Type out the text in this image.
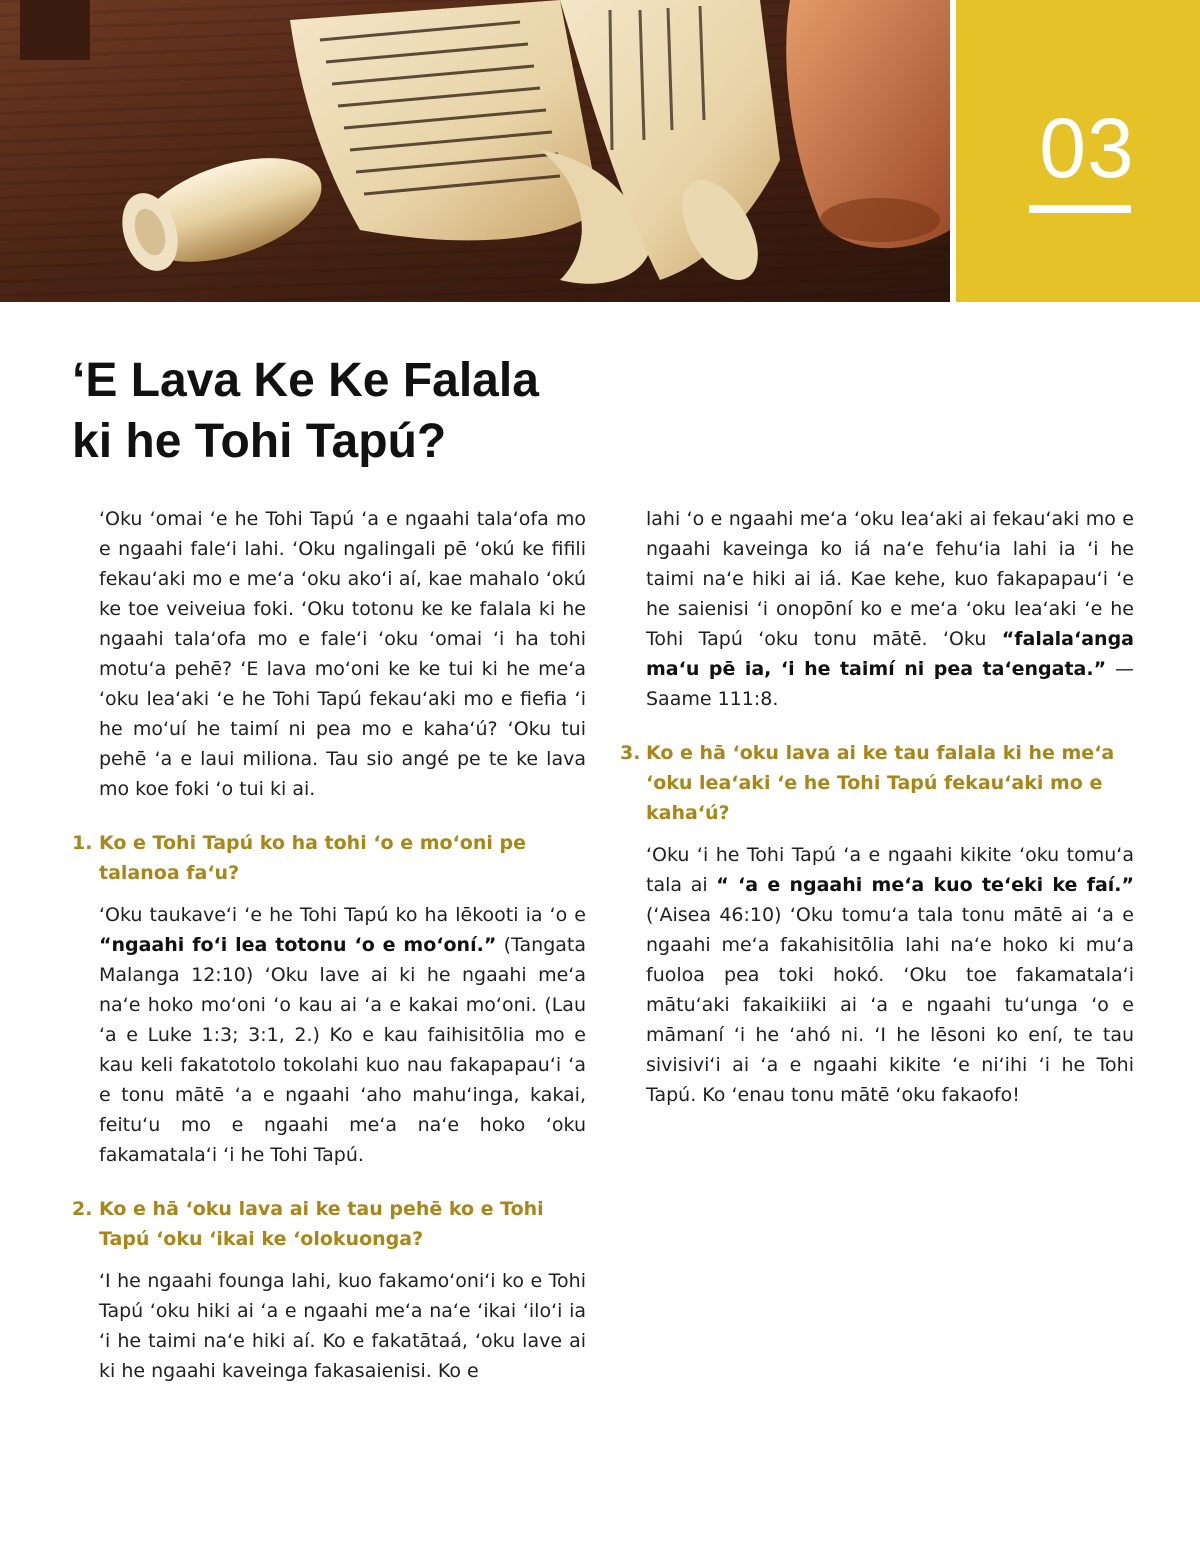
03
‘E Lava Ke Ke Falala
ki he Tohi Tapú?

‘Oku ‘omai ‘e he Tohi Tapú ‘a e ngaahi tala‘ofa mo e ngaahi fale‘i lahi. ‘Oku ngalingali pē ‘okú ke fifili fekau‘aki mo e me‘a ‘oku ako‘i aí, kae mahalo ‘okú ke toe veiveiua foki. ‘Oku totonu ke ke falala ki he ngaahi tala‘ofa mo e fale‘i ‘oku ‘omai ‘i ha tohi motu‘a pehē? ‘E lava mo‘oni ke ke tui ki he me‘a ‘oku lea‘aki ‘e he Tohi Tapú fekau‘aki mo e fiefia ‘i he mo‘uí he taimí ni pea mo e kaha‘ú? ‘Oku tui pehē ‘a e laui miliona. Tau sio angé pe te ke lava mo koe foki ‘o tui ki ai.

1. Ko e Tohi Tapú ko ha tohi ‘o e mo‘oni pe talanoa fa‘u?

‘Oku taukave‘i ‘e he Tohi Tapú ko ha lēkooti ia ‘o e “ngaahi fo‘i lea totonu ‘o e mo‘oní.” (Tangata Malanga 12:10) ‘Oku lave ai ki he ngaahi me‘a na‘e hoko mo‘oni ‘o kau ai ‘a e kakai mo‘oni. (Lau ‘a e Luke 1:3; 3:1, 2.) Ko e kau faihisitōlia mo e kau keli fakatotolo tokolahi kuo nau fakapapau‘i ‘a e tonu mātē ‘a e ngaahi ‘aho mahu‘inga, kakai, feitu‘u mo e ngaahi me‘a na‘e hoko ‘oku fakamatala‘i ‘i he Tohi Tapú.

2. Ko e hā ‘oku lava ai ke tau pehē ko e Tohi Tapú ‘oku ‘ikai ke ‘olokuonga?

‘I he ngaahi founga lahi, kuo fakamo‘oni‘i ko e Tohi Tapú ‘oku hiki ai ‘a e ngaahi me‘a na‘e ‘ikai ‘ilo‘i ia ‘i he taimi na‘e hiki aí. Ko e fakatātaá, ‘oku lave ai ki he ngaahi kaveinga fakasaienisi. Ko e

lahi ‘o e ngaahi me‘a ‘oku lea‘aki ai fekau‘aki mo e ngaahi kaveinga ko iá na‘e fehu‘ia lahi ia ‘i he taimi na‘e hiki ai iá. Kae kehe, kuo fakapapau‘i ‘e he saienisi ‘i onopōní ko e me‘a ‘oku lea‘aki ‘e he Tohi Tapú ‘oku tonu mātē. ‘Oku “falala‘anga ma‘u pē ia, ‘i he taimí ni pea ta‘engata.” —Saame 111:8.

3. Ko e hā ‘oku lava ai ke tau falala ki he me‘a ‘oku lea‘aki ‘e he Tohi Tapú fekau‘aki mo e kaha‘ú?

‘Oku ‘i he Tohi Tapú ‘a e ngaahi kikite ‘oku tomu‘a tala ai “ ‘a e ngaahi me‘a kuo te‘eki ke faí.” (‘Aisea 46:10) ‘Oku tomu‘a tala tonu mātē ai ‘a e ngaahi me‘a fakahisitōlia lahi na‘e hoko ki mu‘a fuoloa pea toki hokó. ‘Oku toe fakamatala‘i mātu‘aki fakaikiiki ai ‘a e ngaahi tu‘unga ‘o e māmaní ‘i he ‘ahó ni. ‘I he lēsoni ko ení, te tau sivisivi‘i ai ‘a e ngaahi kikite ‘e ni‘ihi ‘i he Tohi Tapú. Ko ‘enau tonu mātē ‘oku fakaofo!
